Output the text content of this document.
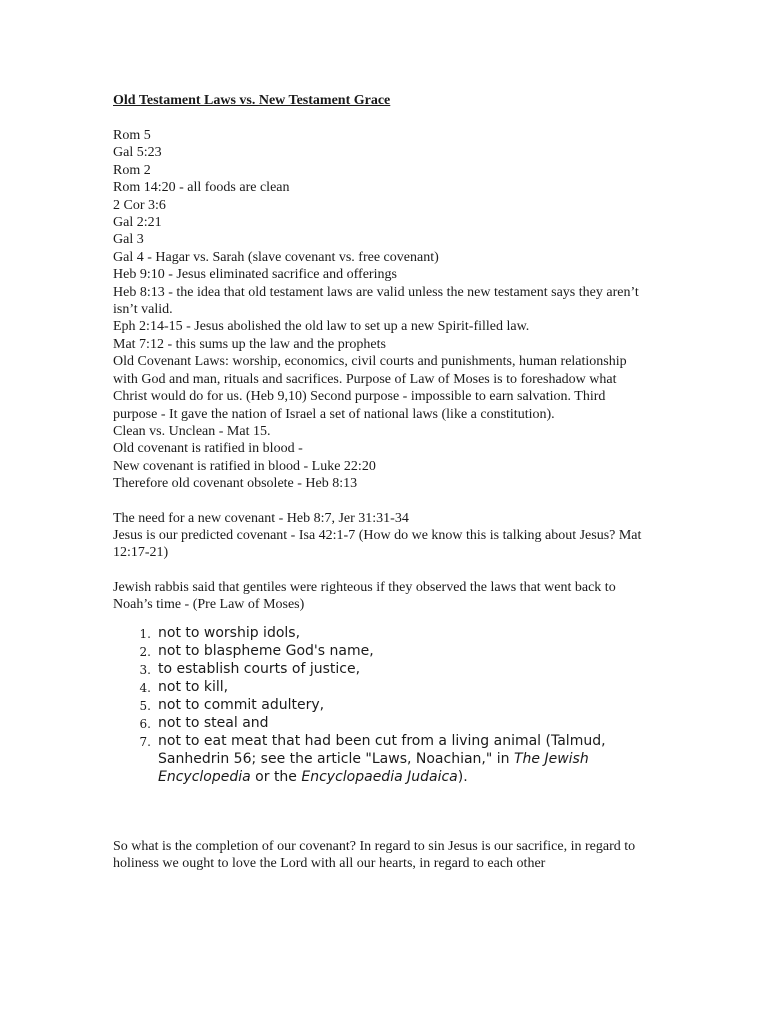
Old Testament Laws vs. New Testament Grace

Rom 5

Gal 5:23

Rom 2

Rom 14:20 - all foods are clean

2 Cor 3:6

Gal 2:21

Gal 3

Gal 4 - Hagar vs. Sarah (slave covenant vs. free covenant)

Heb 9:10 - Jesus eliminated sacrifice and offerings

Heb 8:13 - the idea that old testament laws are valid unless the new testament says they aren’t isn’t valid.

Eph 2:14-15 - Jesus abolished the old law to set up a new Spirit-filled law.

Mat 7:12 - this sums up the law and the prophets

Old Covenant Laws: worship, economics, civil courts and punishments, human relationship with God and man, rituals and sacrifices. Purpose of Law of Moses is to foreshadow what Christ would do for us. (Heb 9,10) Second purpose - impossible to earn salvation. Third purpose - It gave the nation of Israel a set of national laws (like a constitution).

Clean vs. Unclean - Mat 15.

Old covenant is ratified in blood -

New covenant is ratified in blood - Luke 22:20

Therefore old covenant obsolete - Heb 8:13

The need for a new covenant - Heb 8:7, Jer 31:31-34

Jesus is our predicted covenant - Isa 42:1-7 (How do we know this is talking about Jesus? Mat 12:17-21)

Jewish rabbis said that gentiles were righteous if they observed the laws that went back to Noah’s time - (Pre Law of Moses)

1. not to worship idols,
2. not to blaspheme God's name,
3. to establish courts of justice,
4. not to kill,
5. not to commit adultery,
6. not to steal and
7. not to eat meat that had been cut from a living animal (Talmud, Sanhedrin 56; see the article "Laws, Noachian," in The Jewish Encyclopedia or the Encyclopaedia Judaica).

So what is the completion of our covenant? In regard to sin Jesus is our sacrifice, in regard to holiness we ought to love the Lord with all our hearts, in regard to each other
